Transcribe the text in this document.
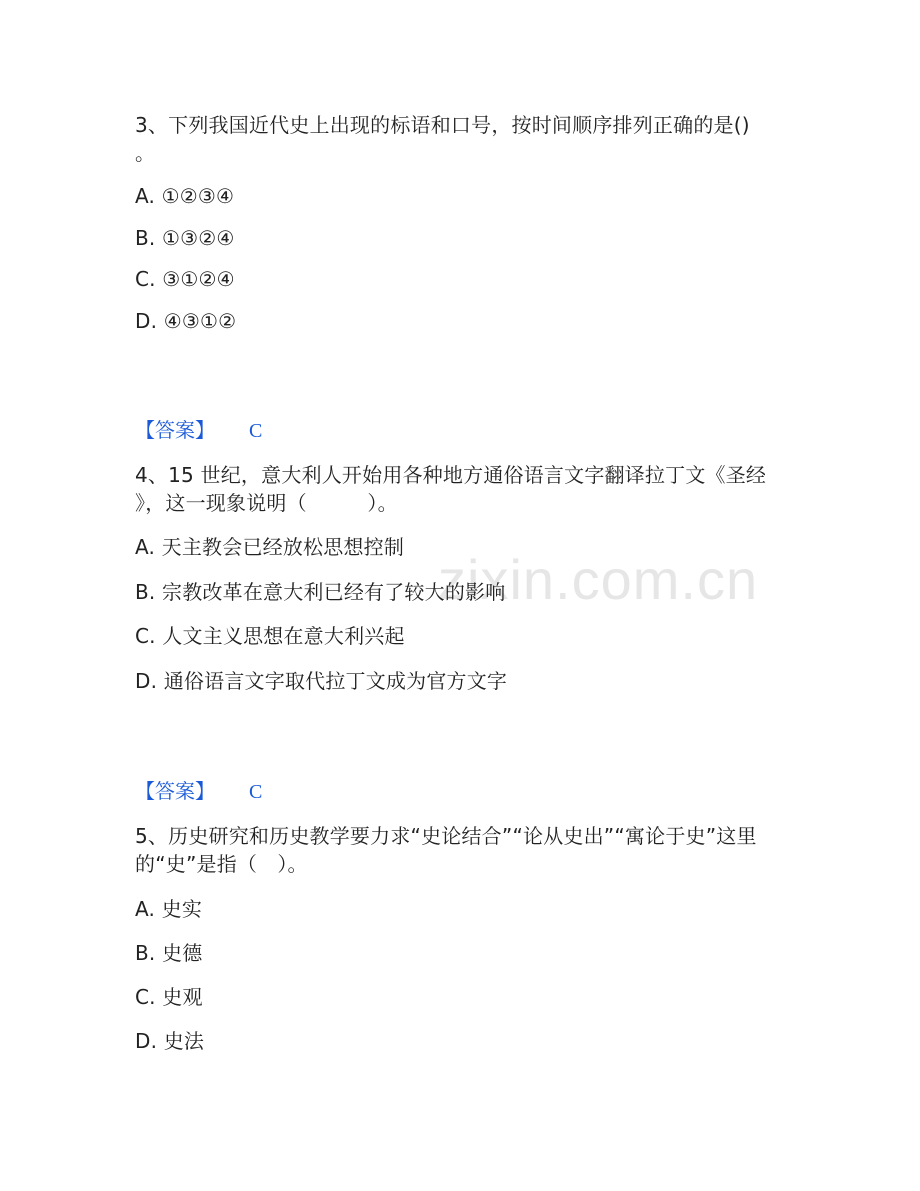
zixin.com.cn
3、下列我国近代史上出现的标语和口号，按时间顺序排列正确的是()
。
A. ①②③④
B. ①③②④
C. ③①②④
D. ④③①②
【答案】 C
4、15 世纪，意大利人开始用各种地方通俗语言文字翻译拉丁文《圣经
》，这一现象说明（　　　）。
A. 天主教会已经放松思想控制
B. 宗教改革在意大利已经有了较大的影响
C. 人文主义思想在意大利兴起
D. 通俗语言文字取代拉丁文成为官方文字
【答案】 C
5、历史研究和历史教学要力求“史论结合”“论从史出”“寓论于史”这里
的“史”是指（　）。
A. 史实
B. 史德
C. 史观
D. 史法
